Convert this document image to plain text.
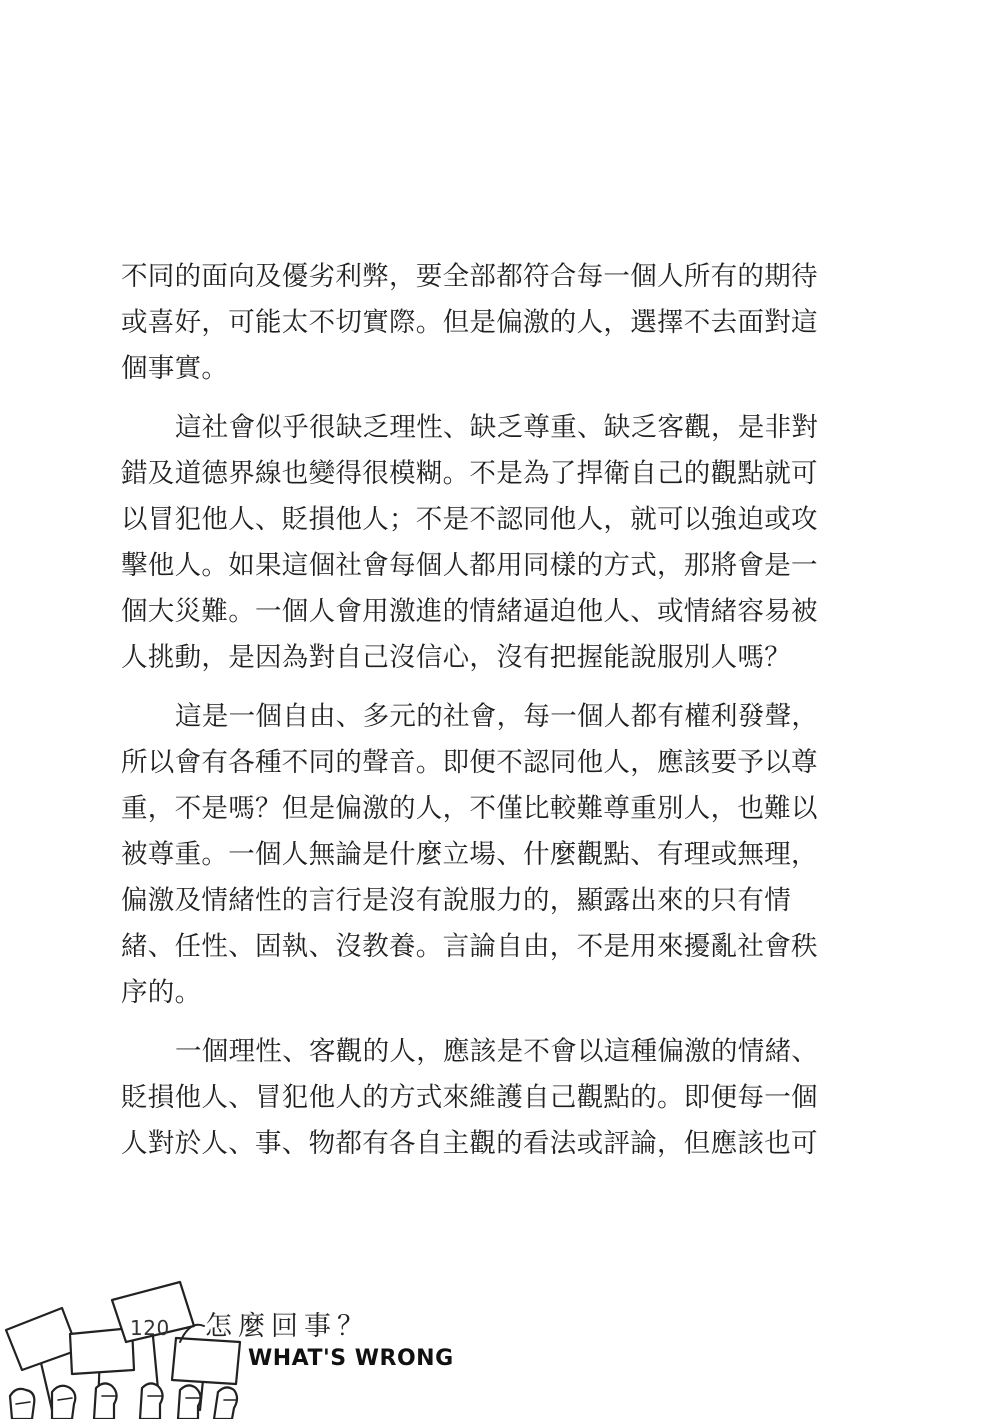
不同的面向及優劣利弊，要全部都符合每一個人所有的期待
或喜好，可能太不切實際。但是偏激的人，選擇不去面對這
個事實。
這社會似乎很缺乏理性、缺乏尊重、缺乏客觀，是非對
錯及道德界線也變得很模糊。不是為了捍衛自己的觀點就可
以冒犯他人、貶損他人；不是不認同他人，就可以強迫或攻
擊他人。如果這個社會每個人都用同樣的方式，那將會是一
個大災難。一個人會用激進的情緒逼迫他人、或情緒容易被
人挑動，是因為對自己沒信心，沒有把握能說服別人嗎？
這是一個自由、多元的社會，每一個人都有權利發聲，
所以會有各種不同的聲音。即便不認同他人，應該要予以尊
重，不是嗎？但是偏激的人，不僅比較難尊重別人，也難以
被尊重。一個人無論是什麼立場、什麼觀點、有理或無理，
偏激及情緒性的言行是沒有說服力的，顯露出來的只有情
緒、任性、固執、沒教養。言論自由，不是用來擾亂社會秩
序的。
一個理性、客觀的人，應該是不會以這種偏激的情緒、
貶損他人、冒犯他人的方式來維護自己觀點的。即便每一個
人對於人、事、物都有各自主觀的看法或評論，但應該也可
120 怎麼回事？
WHAT'S WRONG
